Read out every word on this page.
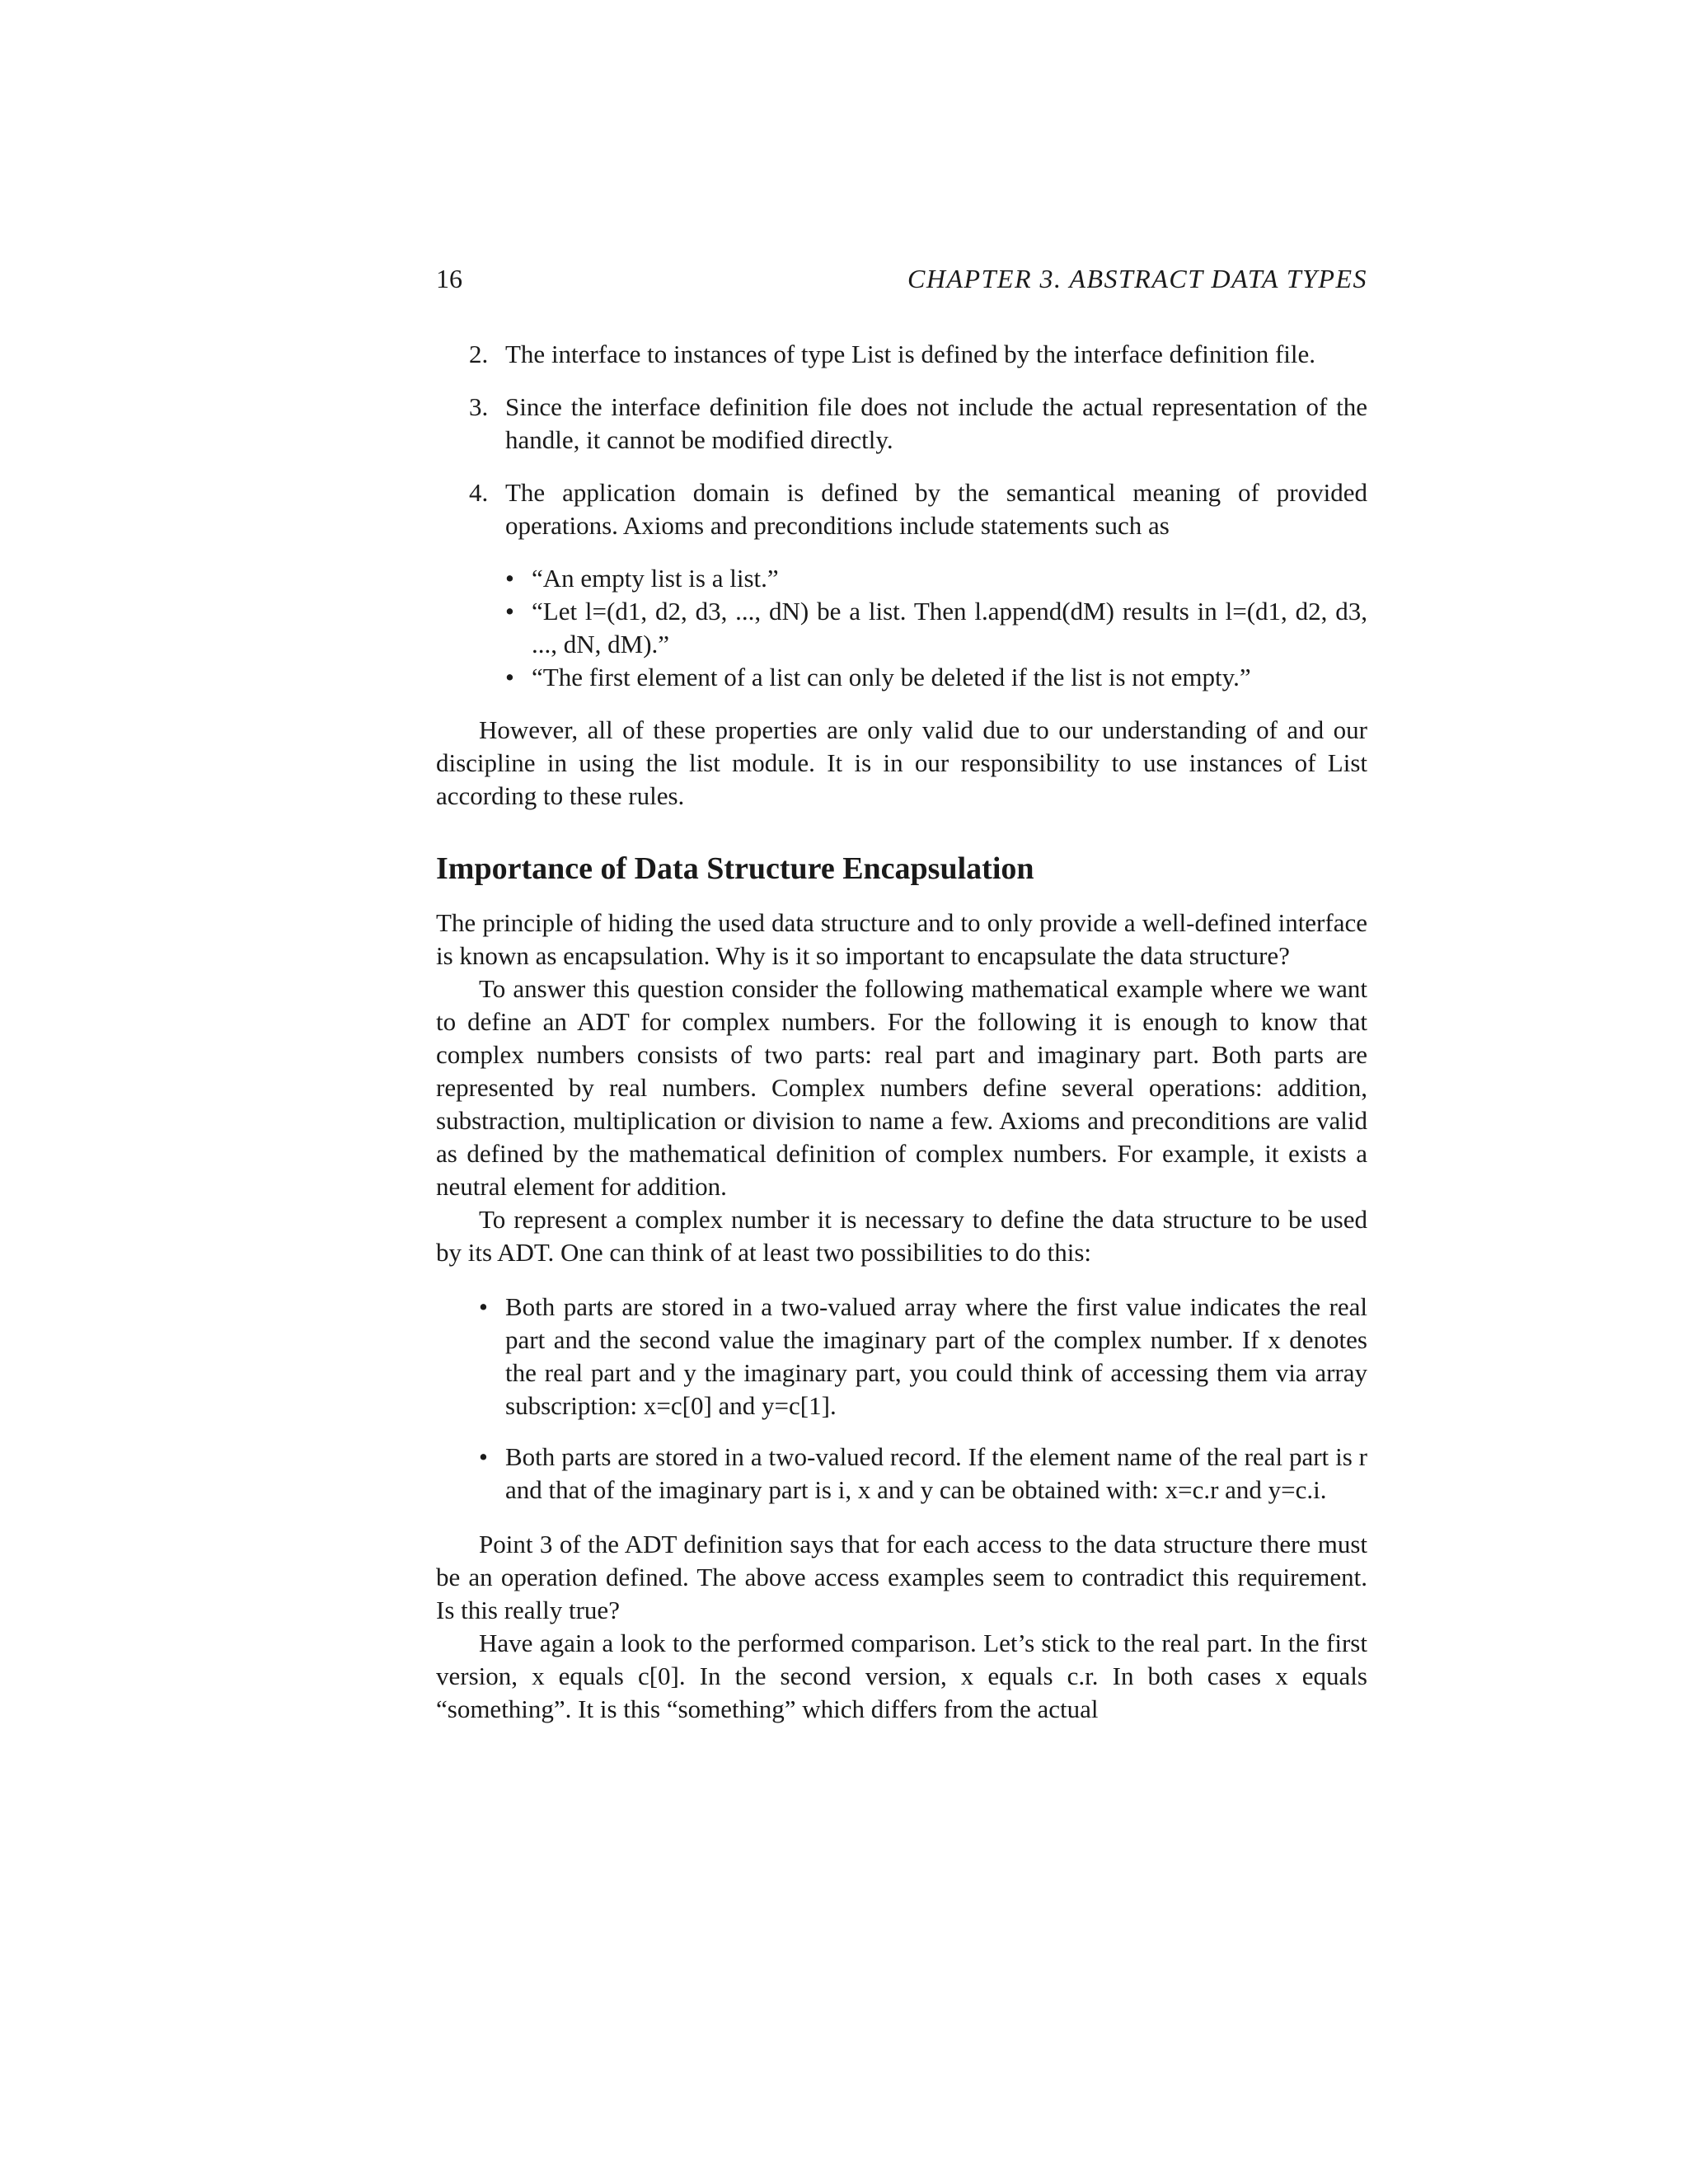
16	CHAPTER 3. ABSTRACT DATA TYPES
2. The interface to instances of type List is defined by the interface definition file.
3. Since the interface definition file does not include the actual representation of the handle, it cannot be modified directly.
4. The application domain is defined by the semantical meaning of provided operations. Axioms and preconditions include statements such as
• “An empty list is a list.”
• “Let l=(d1, d2, d3, ..., dN) be a list. Then l.append(dM) results in l=(d1, d2, d3, ..., dN, dM).”
• “The first element of a list can only be deleted if the list is not empty.”

However, all of these properties are only valid due to our understanding of and our discipline in using the list module. It is in our responsibility to use instances of List according to these rules.

Importance of Data Structure Encapsulation

The principle of hiding the used data structure and to only provide a well-defined interface is known as encapsulation. Why is it so important to encapsulate the data structure?

To answer this question consider the following mathematical example where we want to define an ADT for complex numbers. For the following it is enough to know that complex numbers consists of two parts: real part and imaginary part. Both parts are represented by real numbers. Complex numbers define several operations: addition, substraction, multiplication or division to name a few. Axioms and preconditions are valid as defined by the mathematical definition of complex numbers. For example, it exists a neutral element for addition.

To represent a complex number it is necessary to define the data structure to be used by its ADT. One can think of at least two possibilities to do this:

• Both parts are stored in a two-valued array where the first value indicates the real part and the second value the imaginary part of the complex number. If x denotes the real part and y the imaginary part, you could think of accessing them via array subscription: x=c[0] and y=c[1].
• Both parts are stored in a two-valued record. If the element name of the real part is r and that of the imaginary part is i, x and y can be obtained with: x=c.r and y=c.i.

Point 3 of the ADT definition says that for each access to the data structure there must be an operation defined. The above access examples seem to contradict this requirement. Is this really true?

Have again a look to the performed comparison. Let’s stick to the real part. In the first version, x equals c[0]. In the second version, x equals c.r. In both cases x equals “something”. It is this “something” which differs from the actual
